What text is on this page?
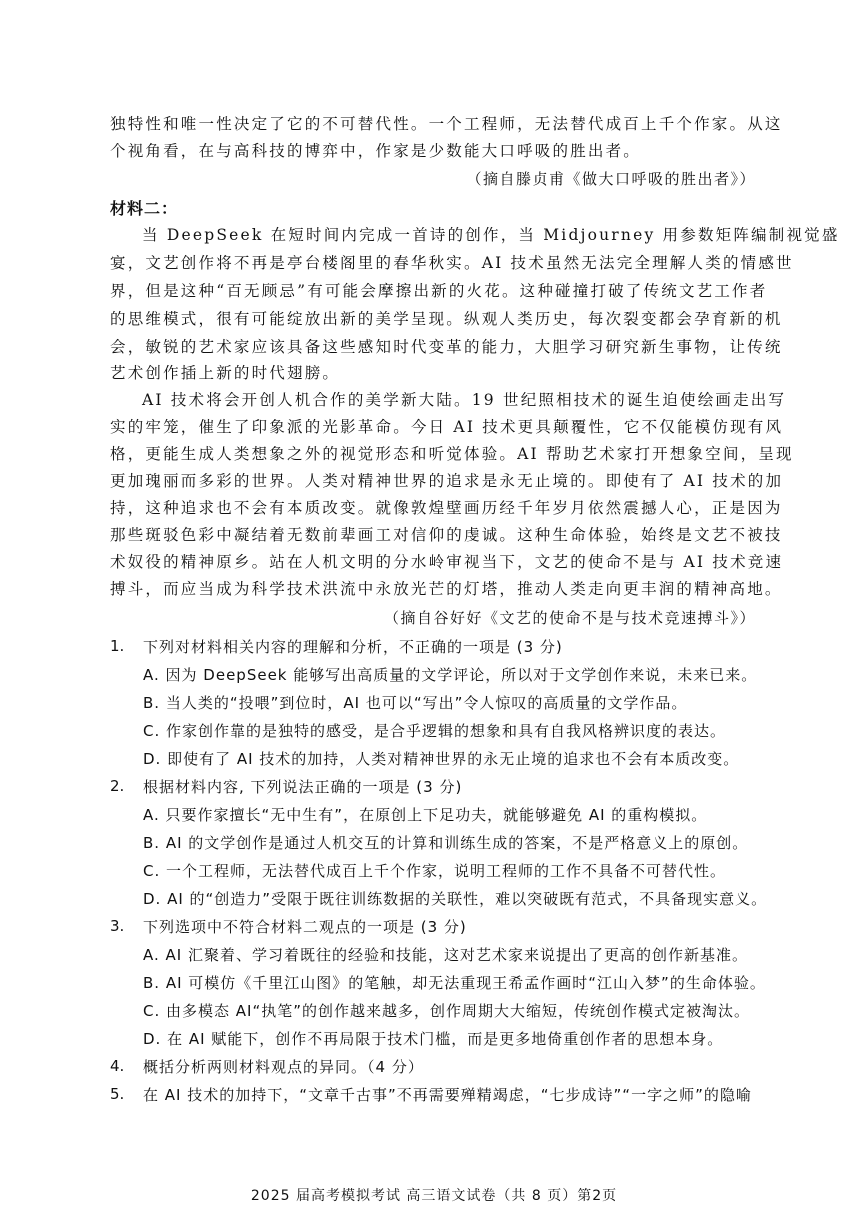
独特性和唯一性决定了它的不可替代性。一个工程师，无法替代成百上千个作家。从这
个视角看，在与高科技的博弈中，作家是少数能大口呼吸的胜出者。
（摘自滕贞甫《做大口呼吸的胜出者》）
材料二：
当 DeepSeek 在短时间内完成一首诗的创作，当 Midjourney 用参数矩阵编制视觉盛
宴，文艺创作将不再是亭台楼阁里的春华秋实。AI 技术虽然无法完全理解人类的情感世
界，但是这种“百无顾忌”有可能会摩擦出新的火花。这种碰撞打破了传统文艺工作者
的思维模式，很有可能绽放出新的美学呈现。纵观人类历史，每次裂变都会孕育新的机
会，敏锐的艺术家应该具备这些感知时代变革的能力，大胆学习研究新生事物，让传统
艺术创作插上新的时代翅膀。
AI 技术将会开创人机合作的美学新大陆。19 世纪照相技术的诞生迫使绘画走出写
实的牢笼，催生了印象派的光影革命。今日 AI 技术更具颠覆性，它不仅能模仿现有风
格，更能生成人类想象之外的视觉形态和听觉体验。AI 帮助艺术家打开想象空间，呈现
更加瑰丽而多彩的世界。人类对精神世界的追求是永无止境的。即使有了 AI 技术的加
持，这种追求也不会有本质改变。就像敦煌壁画历经千年岁月依然震撼人心，正是因为
那些斑驳色彩中凝结着无数前辈画工对信仰的虔诚。这种生命体验，始终是文艺不被技
术奴役的精神原乡。站在人机文明的分水岭审视当下，文艺的使命不是与 AI 技术竞速
搏斗，而应当成为科学技术洪流中永放光芒的灯塔，推动人类走向更丰润的精神高地。
（摘自谷好好《文艺的使命不是与技术竞速搏斗》）
1. 下列对材料相关内容的理解和分析，不正确的一项是 (3 分)
A. 因为 DeepSeek 能够写出高质量的文学评论，所以对于文学创作来说，未来已来。
B. 当人类的“投喂”到位时，AI 也可以“写出”令人惊叹的高质量的文学作品。
C. 作家创作靠的是独特的感受，是合乎逻辑的想象和具有自我风格辨识度的表达。
D. 即使有了 AI 技术的加持，人类对精神世界的永无止境的追求也不会有本质改变。
2. 根据材料内容, 下列说法正确的一项是 (3 分)
A. 只要作家擅长“无中生有”，在原创上下足功夫，就能够避免 AI 的重构模拟。
B. AI 的文学创作是通过人机交互的计算和训练生成的答案，不是严格意义上的原创。
C. 一个工程师，无法替代成百上千个作家，说明工程师的工作不具备不可替代性。
D. AI 的“创造力”受限于既往训练数据的关联性，难以突破既有范式，不具备现实意义。
3. 下列选项中不符合材料二观点的一项是 (3 分)
A. AI 汇聚着、学习着既往的经验和技能，这对艺术家来说提出了更高的创作新基准。
B. AI 可模仿《千里江山图》的笔触，却无法重现王希孟作画时“江山入梦”的生命体验。
C. 由多模态 AI“执笔”的创作越来越多，创作周期大大缩短，传统创作模式定被淘汰。
D. 在 AI 赋能下，创作不再局限于技术门槛，而是更多地倚重创作者的思想本身。
4. 概括分析两则材料观点的异同。（4 分）
5. 在 AI 技术的加持下，“文章千古事”不再需要殚精竭虑，“七步成诗”“一字之师”的隐喻
2025 届高考模拟考试 高三语文试卷（共 8 页）第2页
